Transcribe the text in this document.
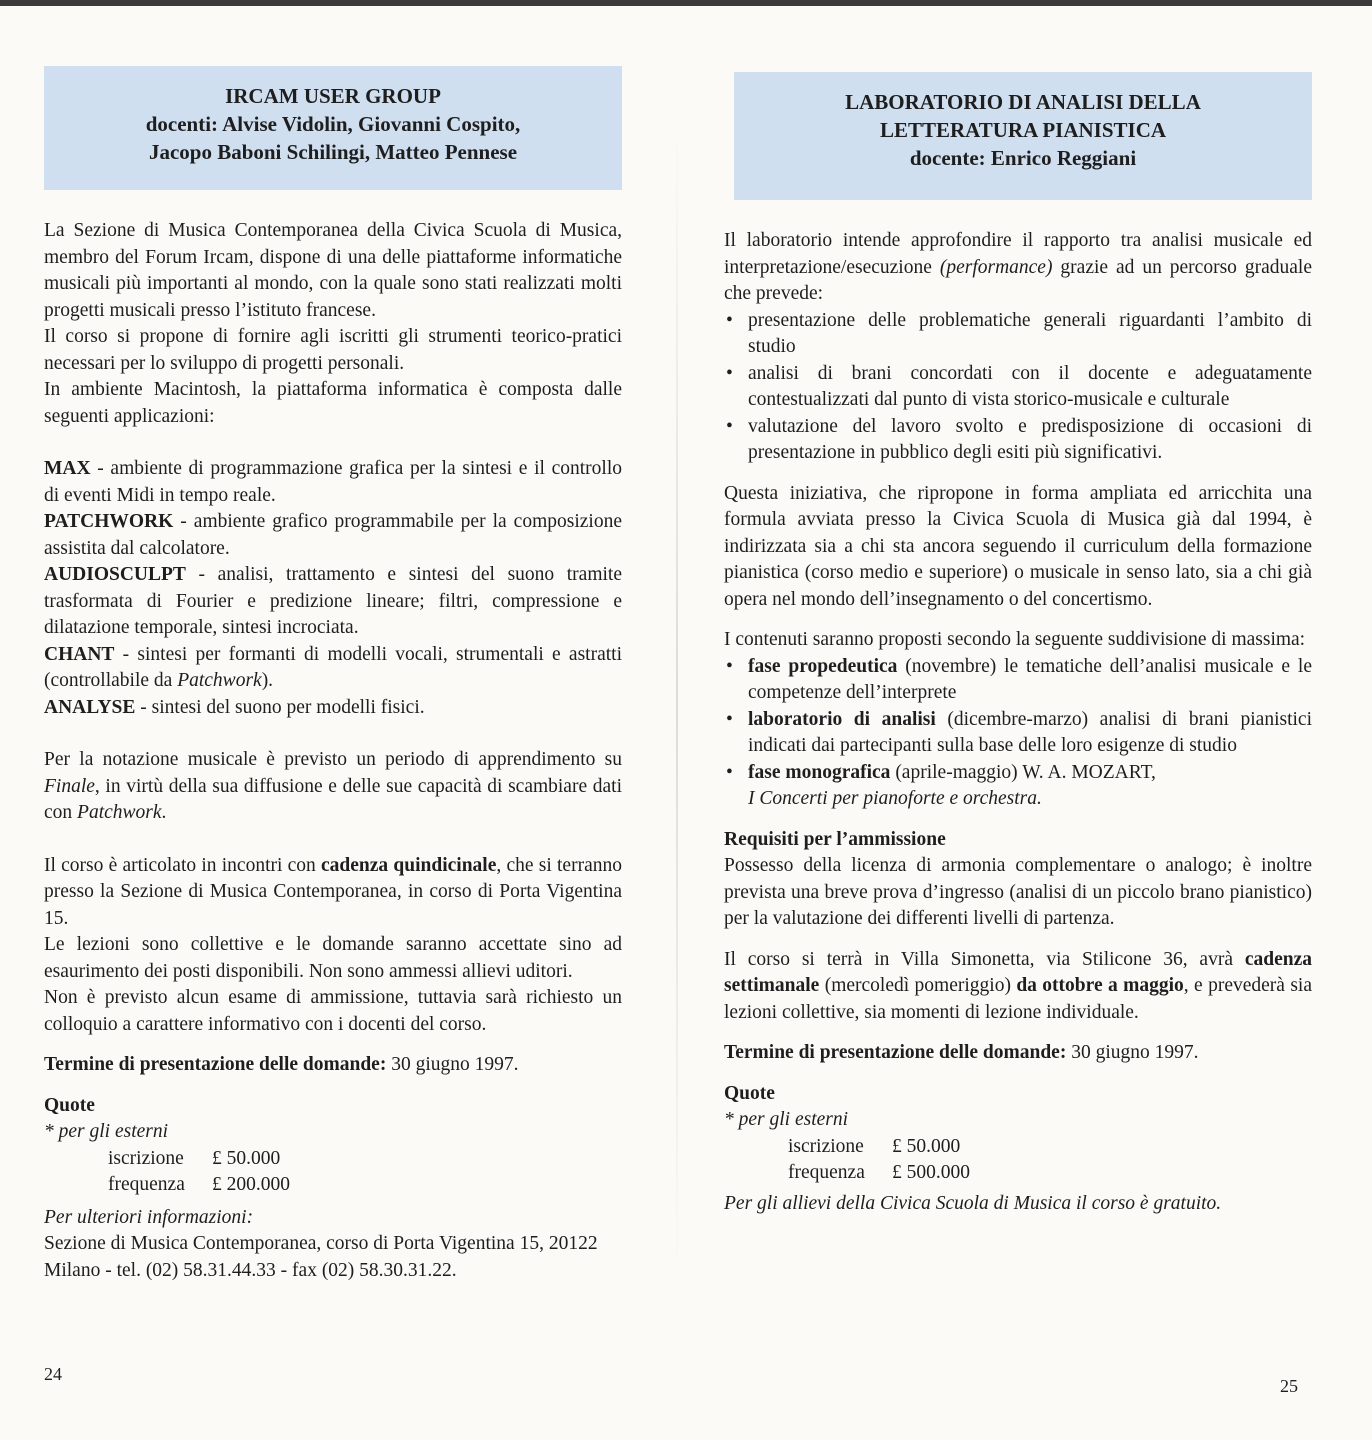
IRCAM USER GROUP
docenti: Alvise Vidolin, Giovanni Cospito,
Jacopo Baboni Schilingi, Matteo Pennese

La Sezione di Musica Contemporanea della Civica Scuola di Musica, membro del Forum Ircam, dispone di una delle piattaforme informatiche musicali più importanti al mondo, con la quale sono stati realizzati molti progetti musicali presso l’istituto francese.

Il corso si propone di fornire agli iscritti gli strumenti teorico-pratici necessari per lo sviluppo di progetti personali.

In ambiente Macintosh, la piattaforma informatica è composta dalle seguenti applicazioni:

MAX - ambiente di programmazione grafica per la sintesi e il controllo di eventi Midi in tempo reale.

PATCHWORK - ambiente grafico programmabile per la composizione assistita dal calcolatore.

AUDIOSCULPT - analisi, trattamento e sintesi del suono tramite trasformata di Fourier e predizione lineare; filtri, compressione e dilatazione temporale, sintesi incrociata.

CHANT - sintesi per formanti di modelli vocali, strumentali e astratti (controllabile da Patchwork).

ANALYSE - sintesi del suono per modelli fisici.

Per la notazione musicale è previsto un periodo di apprendimento su Finale, in virtù della sua diffusione e delle sue capacità di scambiare dati con Patchwork.

Il corso è articolato in incontri con cadenza quindicinale, che si terranno presso la Sezione di Musica Contemporanea, in corso di Porta Vigentina 15.

Le lezioni sono collettive e le domande saranno accettate sino ad esaurimento dei posti disponibili. Non sono ammessi allievi uditori.

Non è previsto alcun esame di ammissione, tuttavia sarà richiesto un colloquio a carattere informativo con i docenti del corso.

Termine di presentazione delle domande: 30 giugno 1997.

Quote

* per gli esterni

iscrizione	£ 50.000
frequenza	£ 200.000

Per ulteriori informazioni:

Sezione di Musica Contemporanea, corso di Porta Vigentina 15, 20122 Milano - tel. (02) 58.31.44.33 - fax (02) 58.30.31.22.

24
LABORATORIO DI ANALISI DELLA
LETTERATURA PIANISTICA
docente: Enrico Reggiani

Il laboratorio intende approfondire il rapporto tra analisi musicale ed interpretazione/esecuzione (performance) grazie ad un percorso graduale che prevede:

• presentazione delle problematiche generali riguardanti l’ambito di studio
• analisi di brani concordati con il docente e adeguatamente contestualizzati dal punto di vista storico-musicale e culturale
• valutazione del lavoro svolto e predisposizione di occasioni di presentazione in pubblico degli esiti più significativi.

Questa iniziativa, che ripropone in forma ampliata ed arricchita una formula avviata presso la Civica Scuola di Musica già dal 1994, è indirizzata sia a chi sta ancora seguendo il curriculum della formazione pianistica (corso medio e superiore) o musicale in senso lato, sia a chi già opera nel mondo dell’insegnamento o del concertismo.

I contenuti saranno proposti secondo la seguente suddivisione di massima:

• fase propedeutica (novembre) le tematiche dell’analisi musicale e le competenze dell’interprete
• laboratorio di analisi (dicembre-marzo) analisi di brani pianistici indicati dai partecipanti sulla base delle loro esigenze di studio
• fase monografica (aprile-maggio) W. A. MOZART,
I Concerti per pianoforte e orchestra.

Requisiti per l’ammissione

Possesso della licenza di armonia complementare o analogo; è inoltre prevista una breve prova d’ingresso (analisi di un piccolo brano pianistico) per la valutazione dei differenti livelli di partenza.

Il corso si terrà in Villa Simonetta, via Stilicone 36, avrà cadenza settimanale (mercoledì pomeriggio) da ottobre a maggio, e prevederà sia lezioni collettive, sia momenti di lezione individuale.

Termine di presentazione delle domande: 30 giugno 1997.

Quote

* per gli esterni

iscrizione	£ 50.000
frequenza	£ 500.000

Per gli allievi della Civica Scuola di Musica il corso è gratuito.

25
